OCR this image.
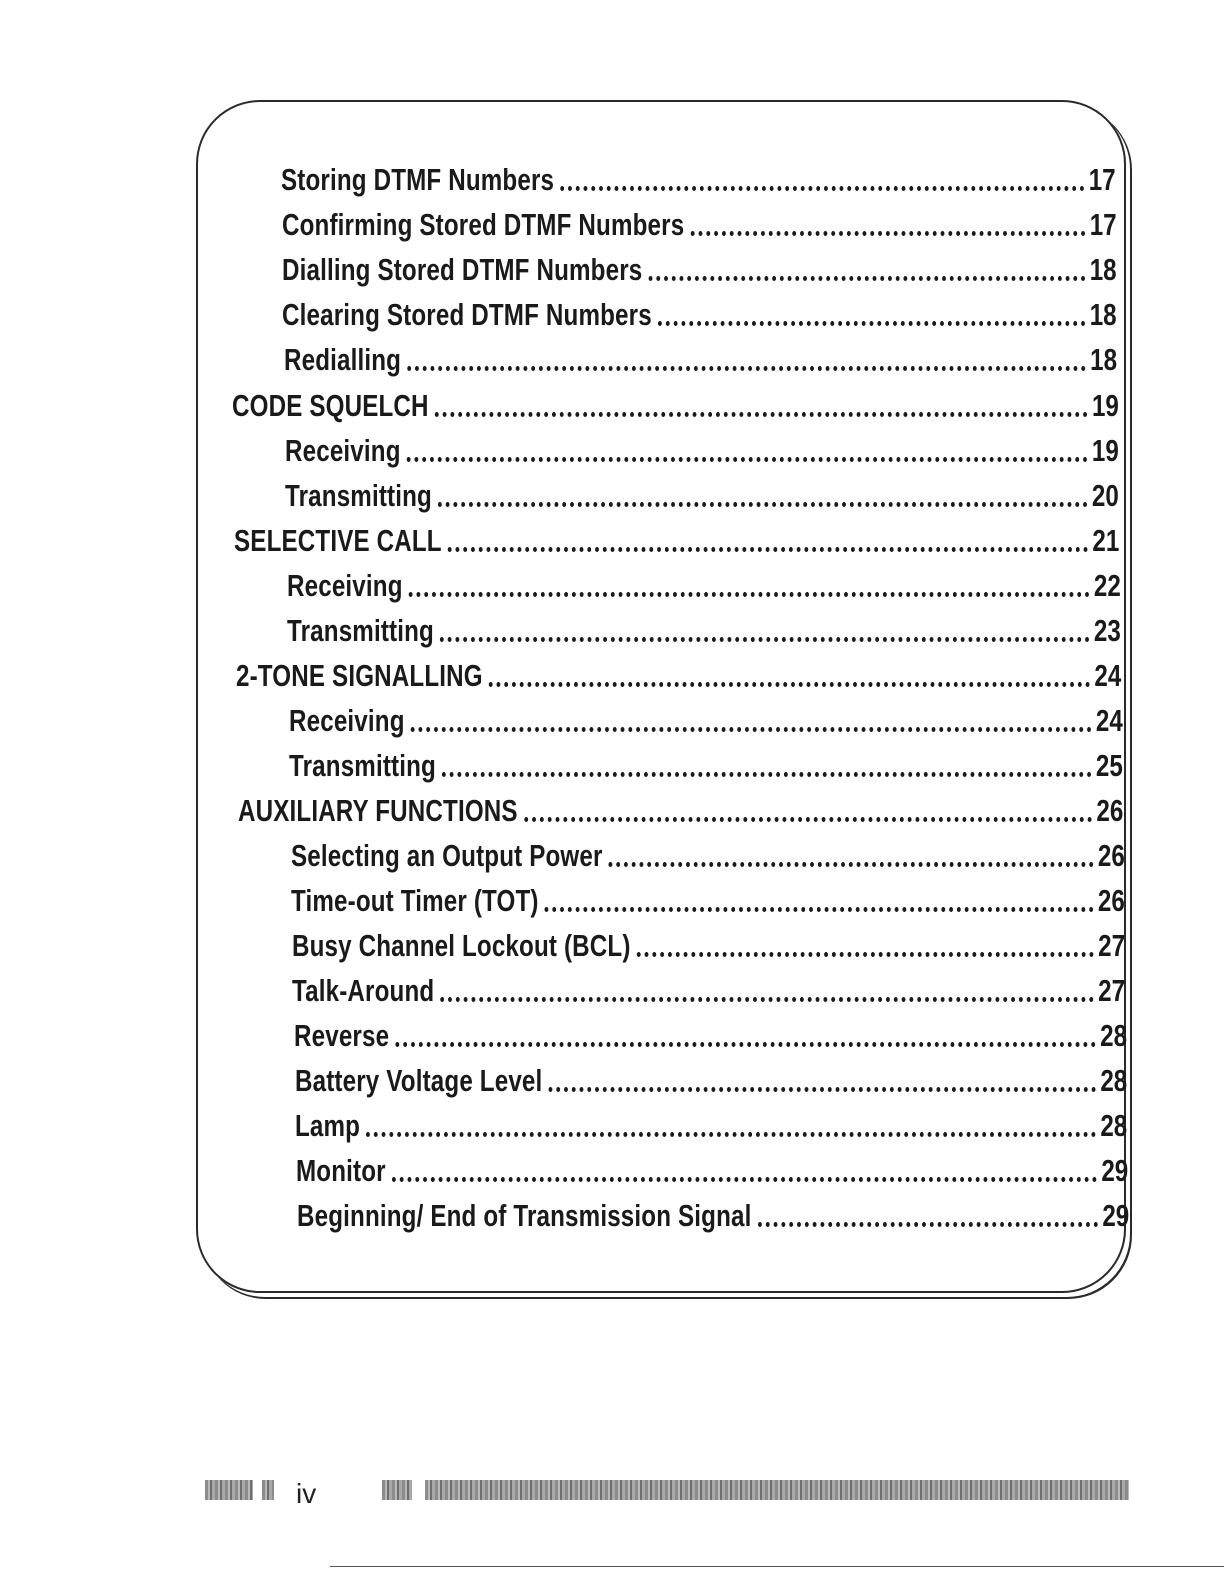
Storing DTMF Numbers	17
Confirming Stored DTMF Numbers	17
Dialling Stored DTMF Numbers	18
Clearing Stored DTMF Numbers	18
Redialling	18
CODE SQUELCH	19
Receiving	19
Transmitting	20
SELECTIVE CALL	21
Receiving	22
Transmitting	23
2-TONE SIGNALLING	24
Receiving	24
Transmitting	25
AUXILIARY FUNCTIONS	26
Selecting an Output Power	26
Time-out Timer (TOT)	26
Busy Channel Lockout (BCL)	27
Talk-Around	27
Reverse	28
Battery Voltage Level	28
Lamp	28
Monitor	29
Beginning/ End of Transmission Signal	29
iv
